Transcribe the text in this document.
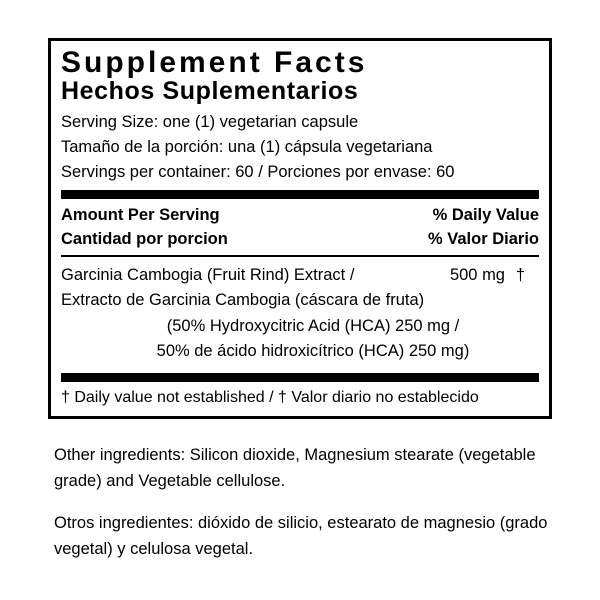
Supplement Facts
Hechos Suplementarios
Serving Size: one (1) vegetarian capsule
Tamaño de la porción: una (1) cápsula vegetariana
Servings per container: 60 / Porciones por envase: 60
Amount Per Serving	% Daily Value
Cantidad por porcion	% Valor Diario
Garcinia Cambogia (Fruit Rind) Extract /	500 mg †
Extracto de Garcinia Cambogia (cáscara de fruta)
(50% Hydroxycitric Acid (HCA) 250 mg /
50% de ácido hidroxicítrico (HCA) 250 mg)
† Daily value not established / † Valor diario no establecido

Other ingredients: Silicon dioxide, Magnesium stearate (vegetable grade) and Vegetable cellulose.

Otros ingredientes: dióxido de silicio, estearato de magnesio (grado vegetal) y celulosa vegetal.
